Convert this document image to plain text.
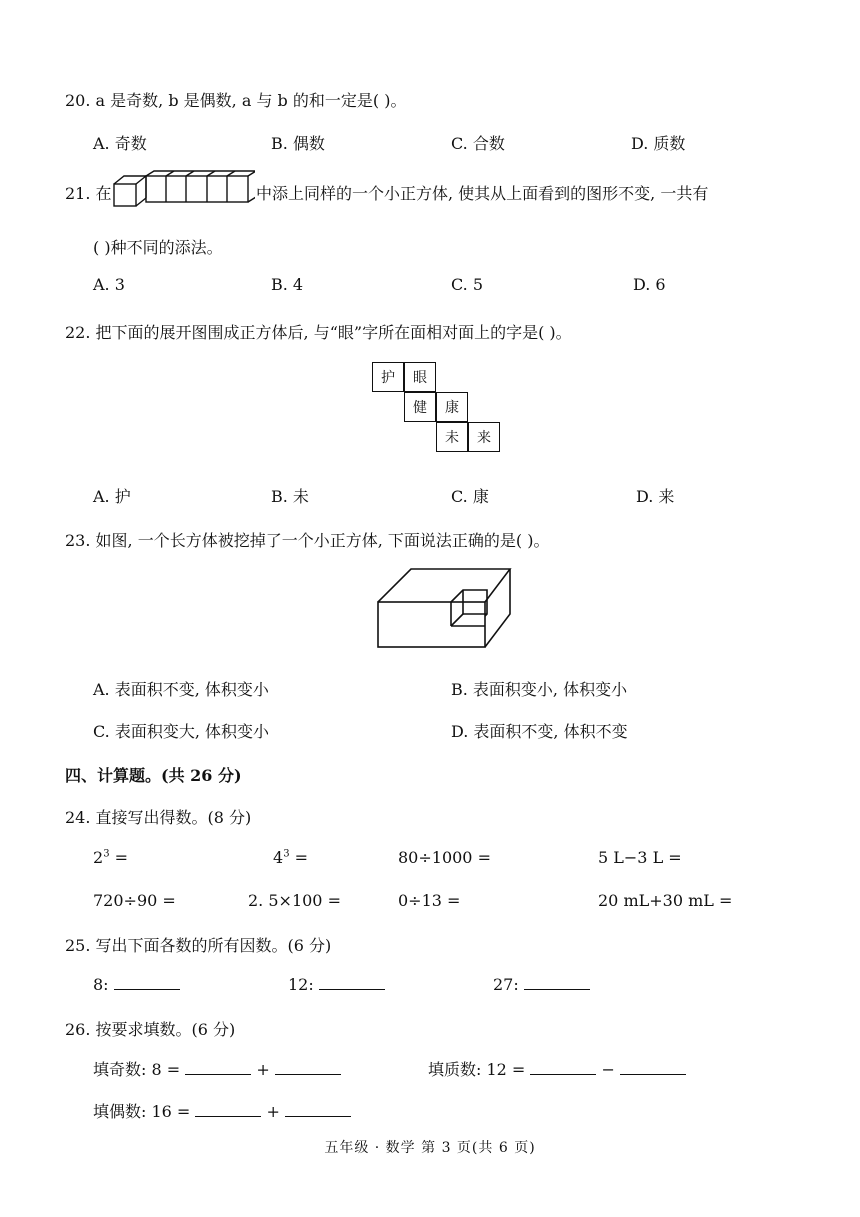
20. a 是奇数, b 是偶数, a 与 b 的和一定是( )。
A. 奇数	B. 偶数	C. 合数	D. 质数
21. 在	中添上同样的一个小正方体, 使其从上面看到的图形不变, 一共有
( )种不同的添法。
A. 3	B. 4	C. 5	D. 6
22. 把下面的展开图围成正方体后, 与“眼”字所在面相对面上的字是( )。
护	眼
健	康
未	来
A. 护	B. 未	C. 康	D. 来
23. 如图, 一个长方体被挖掉了一个小正方体, 下面说法正确的是( )。
A. 表面积不变, 体积变小	B. 表面积变小, 体积变小
C. 表面积变大, 体积变小	D. 表面积不变, 体积不变
四、计算题。(共 26 分)
24. 直接写出得数。(8 分)
$2^3$ =	$4^3$ =	80÷1000 =	5 L−3 L =
720÷90 =	2. 5×100 =	0÷13 =	20 mL+30 mL =
25. 写出下面各数的所有因数。(6 分)
8:	12:	27:
26. 按要求填数。(6 分)
填奇数: 8 =	+	填质数: 12 =	−
填偶数: 16 =	+
五年级 · 数学 第 3 页(共 6 页)
